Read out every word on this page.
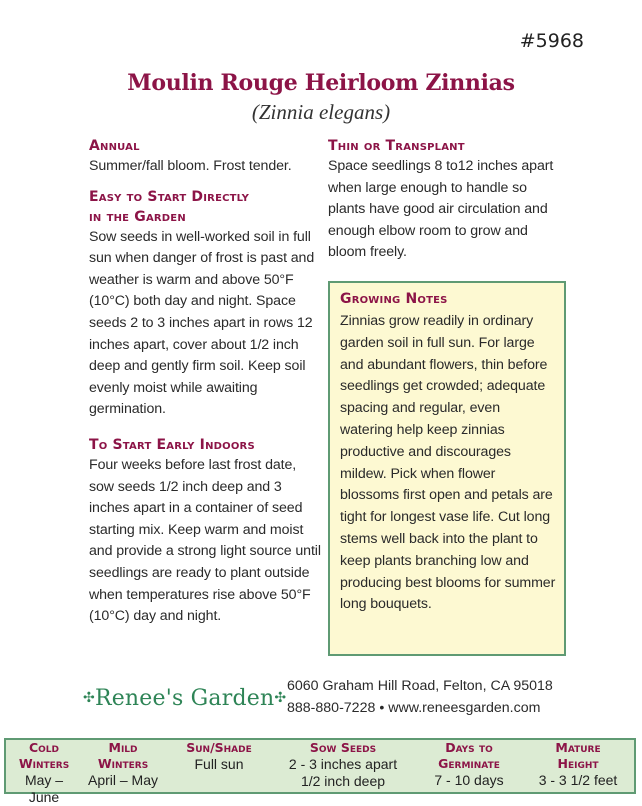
#5968
Moulin Rouge Heirloom Zinnias
(Zinnia elegans)
Annual

Summer/fall bloom. Frost tender.

Easy to Start Directly
in the Garden

Sow seeds in well-worked soil in full sun when danger of frost is past and weather is warm and above 50°F (10°C) both day and night. Space seeds 2 to 3 inches apart in rows 12 inches apart, cover about 1/2 inch deep and gently firm soil. Keep soil evenly moist while awaiting germination.

To Start Early Indoors

Four weeks before last frost date, sow seeds 1/2 inch deep and 3 inches apart in a container of seed starting mix. Keep warm and moist and provide a strong light source until seedlings are ready to plant outside when temperatures rise above 50°F (10°C) day and night.

Thin or Transplant

Space seedlings 8 to12 inches apart when large enough to handle so plants have good air circulation and enough elbow room to grow and bloom freely.

Growing Notes

Zinnias grow readily in ordinary garden soil in full sun. For large and abundant flowers, thin before seedlings get crowded; adequate spacing and regular, even watering help keep zinnias productive and discourages mildew. Pick when flower blossoms first open and petals are tight for longest vase life. Cut long stems well back into the plant to keep plants branching low and producing best blooms for summer long bouquets.

✣Renee's Garden✣
6060 Graham Hill Road, Felton, CA 95018
888-880-7228 • www.reneesgarden.com
Cold
Winters
May – June
Mild
Winters
April – May
Sun/Shade
Full sun
Sow Seeds
2 - 3 inches apart
1/2 inch deep
Days to
Germinate
7 - 10 days
Mature
Height
3 - 3 1/2 feet
